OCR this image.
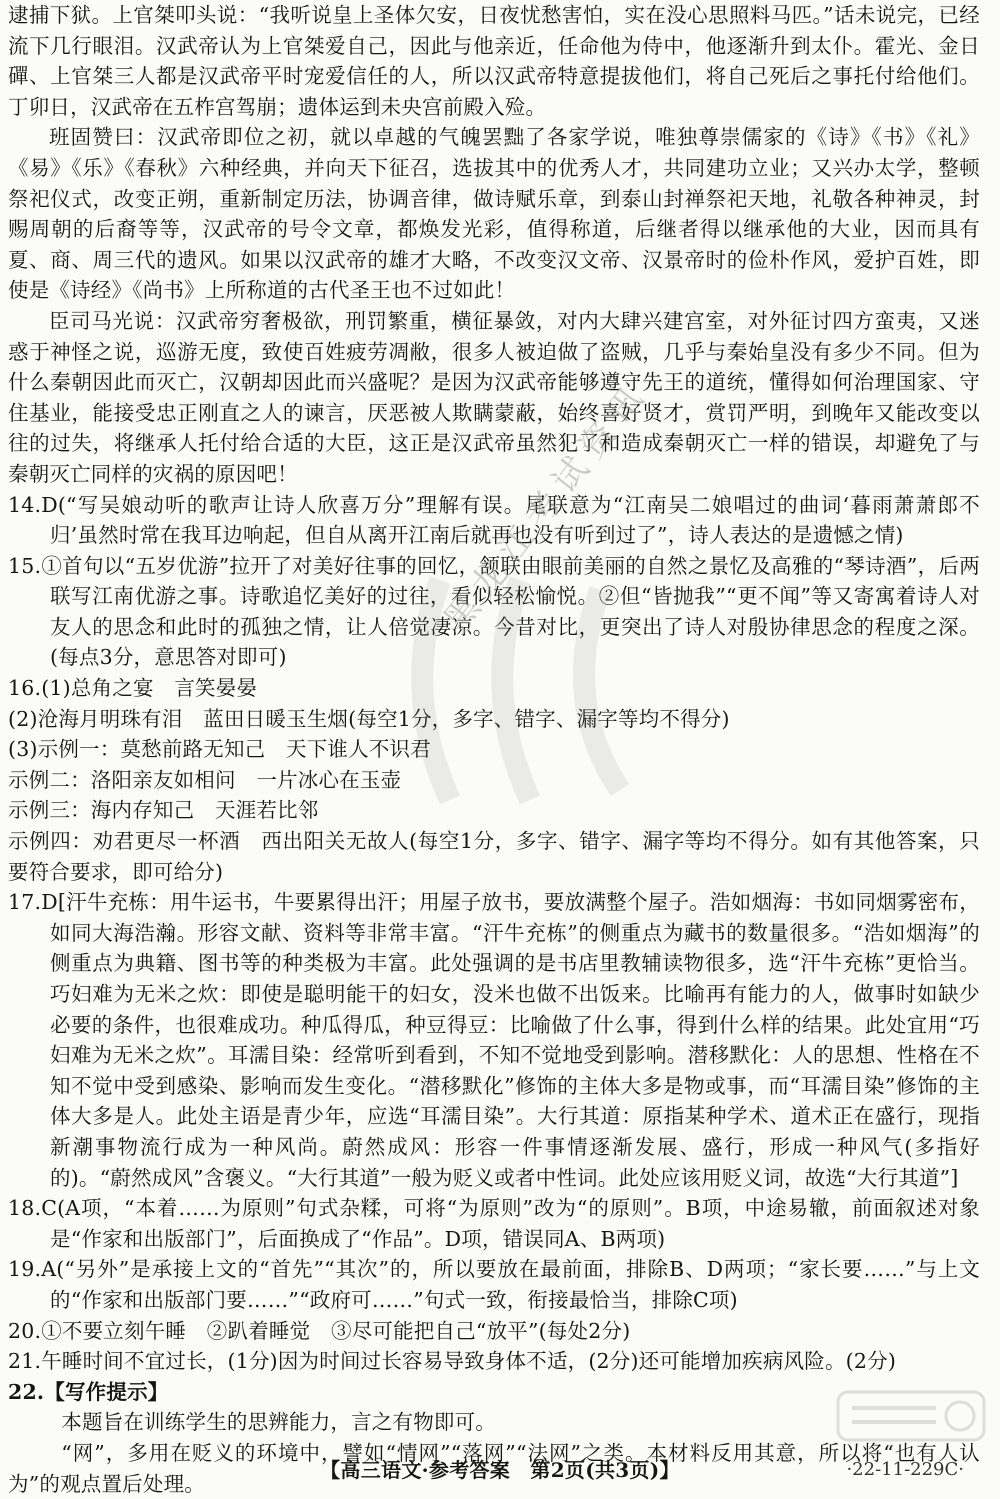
逮捕下狱。上官桀叩头说：“我听说皇上圣体欠安，日夜忧愁害怕，实在没心思照料马匹。”话未说完，已经流下几行眼泪。汉武帝认为上官桀爱自己，因此与他亲近，任命他为侍中，他逐渐升到太仆。霍光、金日磾、上官桀三人都是汉武帝平时宠爱信任的人，所以汉武帝特意提拔他们，将自己死后之事托付给他们。丁卯日，汉武帝在五柞宫驾崩；遗体运到未央宫前殿入殓。

班固赞曰：汉武帝即位之初，就以卓越的气魄罢黜了各家学说，唯独尊崇儒家的《诗》《书》《礼》《易》《乐》《春秋》六种经典，并向天下征召，选拔其中的优秀人才，共同建功立业；又兴办太学，整顿祭祀仪式，改变正朔，重新制定历法，协调音律，做诗赋乐章，到泰山封禅祭祀天地，礼敬各种神灵，封赐周朝的后裔等等，汉武帝的号令文章，都焕发光彩，值得称道，后继者得以继承他的大业，因而具有夏、商、周三代的遗风。如果以汉武帝的雄才大略，不改变汉文帝、汉景帝时的俭朴作风，爱护百姓，即使是《诗经》《尚书》上所称道的古代圣王也不过如此！

臣司马光说：汉武帝穷奢极欲，刑罚繁重，横征暴敛，对内大肆兴建宫室，对外征讨四方蛮夷，又迷惑于神怪之说，巡游无度，致使百姓疲劳凋敝，很多人被迫做了盗贼，几乎与秦始皇没有多少不同。但为什么秦朝因此而灭亡，汉朝却因此而兴盛呢？是因为汉武帝能够遵守先王的道统，懂得如何治理国家、守住基业，能接受忠正刚直之人的谏言，厌恶被人欺瞒蒙蔽，始终喜好贤才，赏罚严明，到晚年又能改变以往的过失，将继承人托付给合适的大臣，这正是汉武帝虽然犯了和造成秦朝灭亡一样的错误，却避免了与秦朝灭亡同样的灾祸的原因吧！

14.D(“写吴娘动听的歌声让诗人欣喜万分”理解有误。尾联意为“江南吴二娘唱过的曲词‘暮雨萧萧郎不归’虽然时常在我耳边响起，但自从离开江南后就再也没有听到过了”，诗人表达的是遗憾之情)

15.①首句以“五岁优游”拉开了对美好往事的回忆，颔联由眼前美丽的自然之景忆及高雅的“琴诗酒”，后两联写江南优游之事。诗歌追忆美好的过往，看似轻松愉悦。②但“皆抛我”“更不闻”等又寄寓着诗人对友人的思念和此时的孤独之情，让人倍觉凄凉。今昔对比，更突出了诗人对殷协律思念的程度之深。(每点3分，意思答对即可)

16.(1)总角之宴　言笑晏晏

(2)沧海月明珠有泪　蓝田日暖玉生烟(每空1分，多字、错字、漏字等均不得分)

(3)示例一：莫愁前路无知己　天下谁人不识君

示例二：洛阳亲友如相问　一片冰心在玉壶

示例三：海内存知己　天涯若比邻

示例四：劝君更尽一杯酒　西出阳关无故人(每空1分，多字、错字、漏字等均不得分。如有其他答案，只要符合要求，即可给分)

17.D[汗牛充栋：用牛运书，牛要累得出汗；用屋子放书，要放满整个屋子。浩如烟海：书如同烟雾密布，如同大海浩瀚。形容文献、资料等非常丰富。“汗牛充栋”的侧重点为藏书的数量很多。“浩如烟海”的侧重点为典籍、图书等的种类极为丰富。此处强调的是书店里教辅读物很多，选“汗牛充栋”更恰当。巧妇难为无米之炊：即使是聪明能干的妇女，没米也做不出饭来。比喻再有能力的人，做事时如缺少必要的条件，也很难成功。种瓜得瓜，种豆得豆：比喻做了什么事，得到什么样的结果。此处宜用“巧妇难为无米之炊”。耳濡目染：经常听到看到，不知不觉地受到影响。潜移默化：人的思想、性格在不知不觉中受到感染、影响而发生变化。“潜移默化”修饰的主体大多是物或事，而“耳濡目染”修饰的主体大多是人。此处主语是青少年，应选“耳濡目染”。大行其道：原指某种学术、道术正在盛行，现指新潮事物流行成为一种风尚。蔚然成风：形容一件事情逐渐发展、盛行，形成一种风气(多指好的)。“蔚然成风”含褒义。“大行其道”一般为贬义或者中性词。此处应该用贬义词，故选“大行其道”]

18.C(A项，“本着……为原则”句式杂糅，可将“为原则”改为“的原则”。B项，中途易辙，前面叙述对象是“作家和出版部门”，后面换成了“作品”。D项，错误同A、B两项)

19.A(“另外”是承接上文的“首先”“其次”的，所以要放在最前面，排除B、D两项；“家长要……”与上文的“作家和出版部门要……”“政府可……”句式一致，衔接最恰当，排除C项)

20.①不要立刻午睡　②趴着睡觉　③尽可能把自己“放平”(每处2分)

21.午睡时间不宜过长，(1分)因为时间过长容易导致身体不适，(2分)还可能增加疾病风险。(2分)

22.【写作提示】

本题旨在训练学生的思辨能力，言之有物即可。

“网”，多用在贬义的环境中，譬如“情网”“落网”“法网”之类。本材料反用其意，所以将“也有人认为”的观点置后处理。

黑龙江考试资讯
【高三语文·参考答案　第2页(共3页)】	·22-11-229C·
